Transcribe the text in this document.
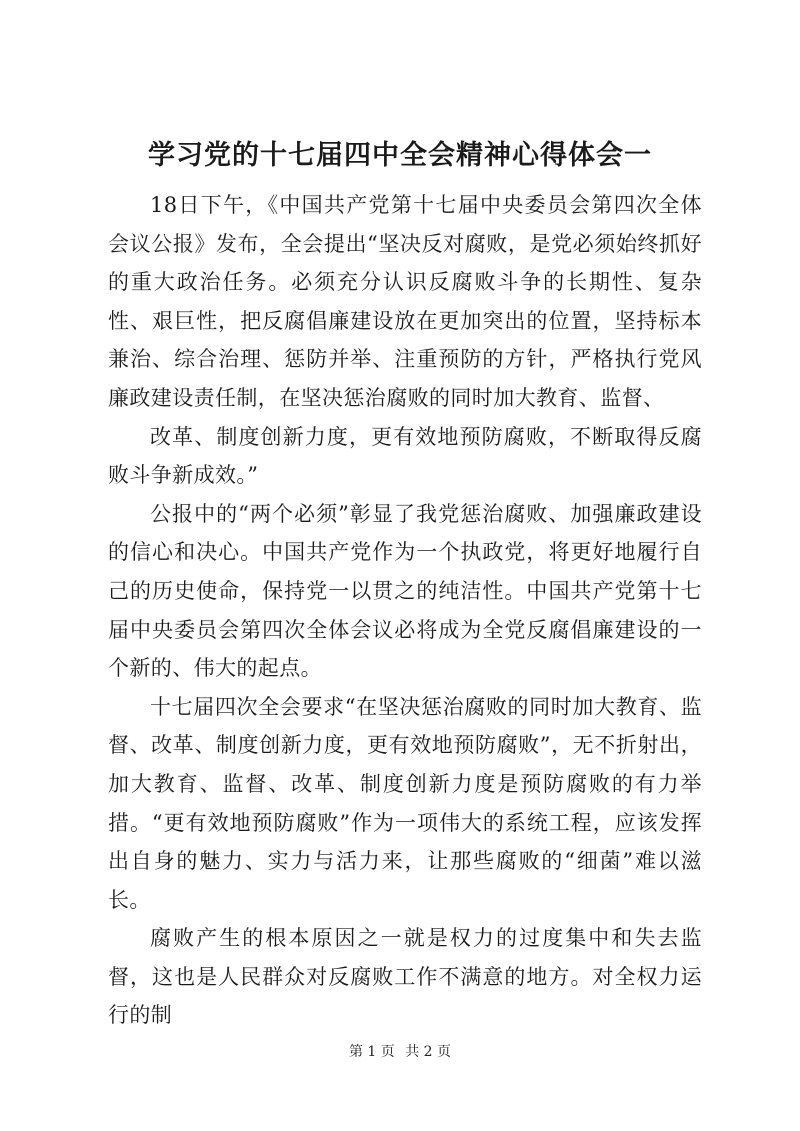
学习党的十七届四中全会精神心得体会一

18日下午，《中国共产党第十七届中央委员会第四次全体会议公报》发布，全会提出“坚决反对腐败，是党必须始终抓好的重大政治任务。必须充分认识反腐败斗争的长期性、复杂性、艰巨性，把反腐倡廉建设放在更加突出的位置，坚持标本兼治、综合治理、惩防并举、注重预防的方针，严格执行党风廉政建设责任制，在坚决惩治腐败的同时加大教育、监督、

改革、制度创新力度，更有效地预防腐败，不断取得反腐败斗争新成效。”

公报中的“两个必须”彰显了我党惩治腐败、加强廉政建设的信心和决心。中国共产党作为一个执政党，将更好地履行自己的历史使命，保持党一以贯之的纯洁性。中国共产党第十七届中央委员会第四次全体会议必将成为全党反腐倡廉建设的一个新的、伟大的起点。

十七届四次全会要求“在坚决惩治腐败的同时加大教育、监督、改革、制度创新力度，更有效地预防腐败”，无不折射出，加大教育、监督、改革、制度创新力度是预防腐败的有力举措。“更有效地预防腐败”作为一项伟大的系统工程，应该发挥出自身的魅力、实力与活力来，让那些腐败的“细菌”难以滋长。

腐败产生的根本原因之一就是权力的过度集中和失去监督，这也是人民群众对反腐败工作不满意的地方。对全权力运行的制

第 1 页 共 2 页
